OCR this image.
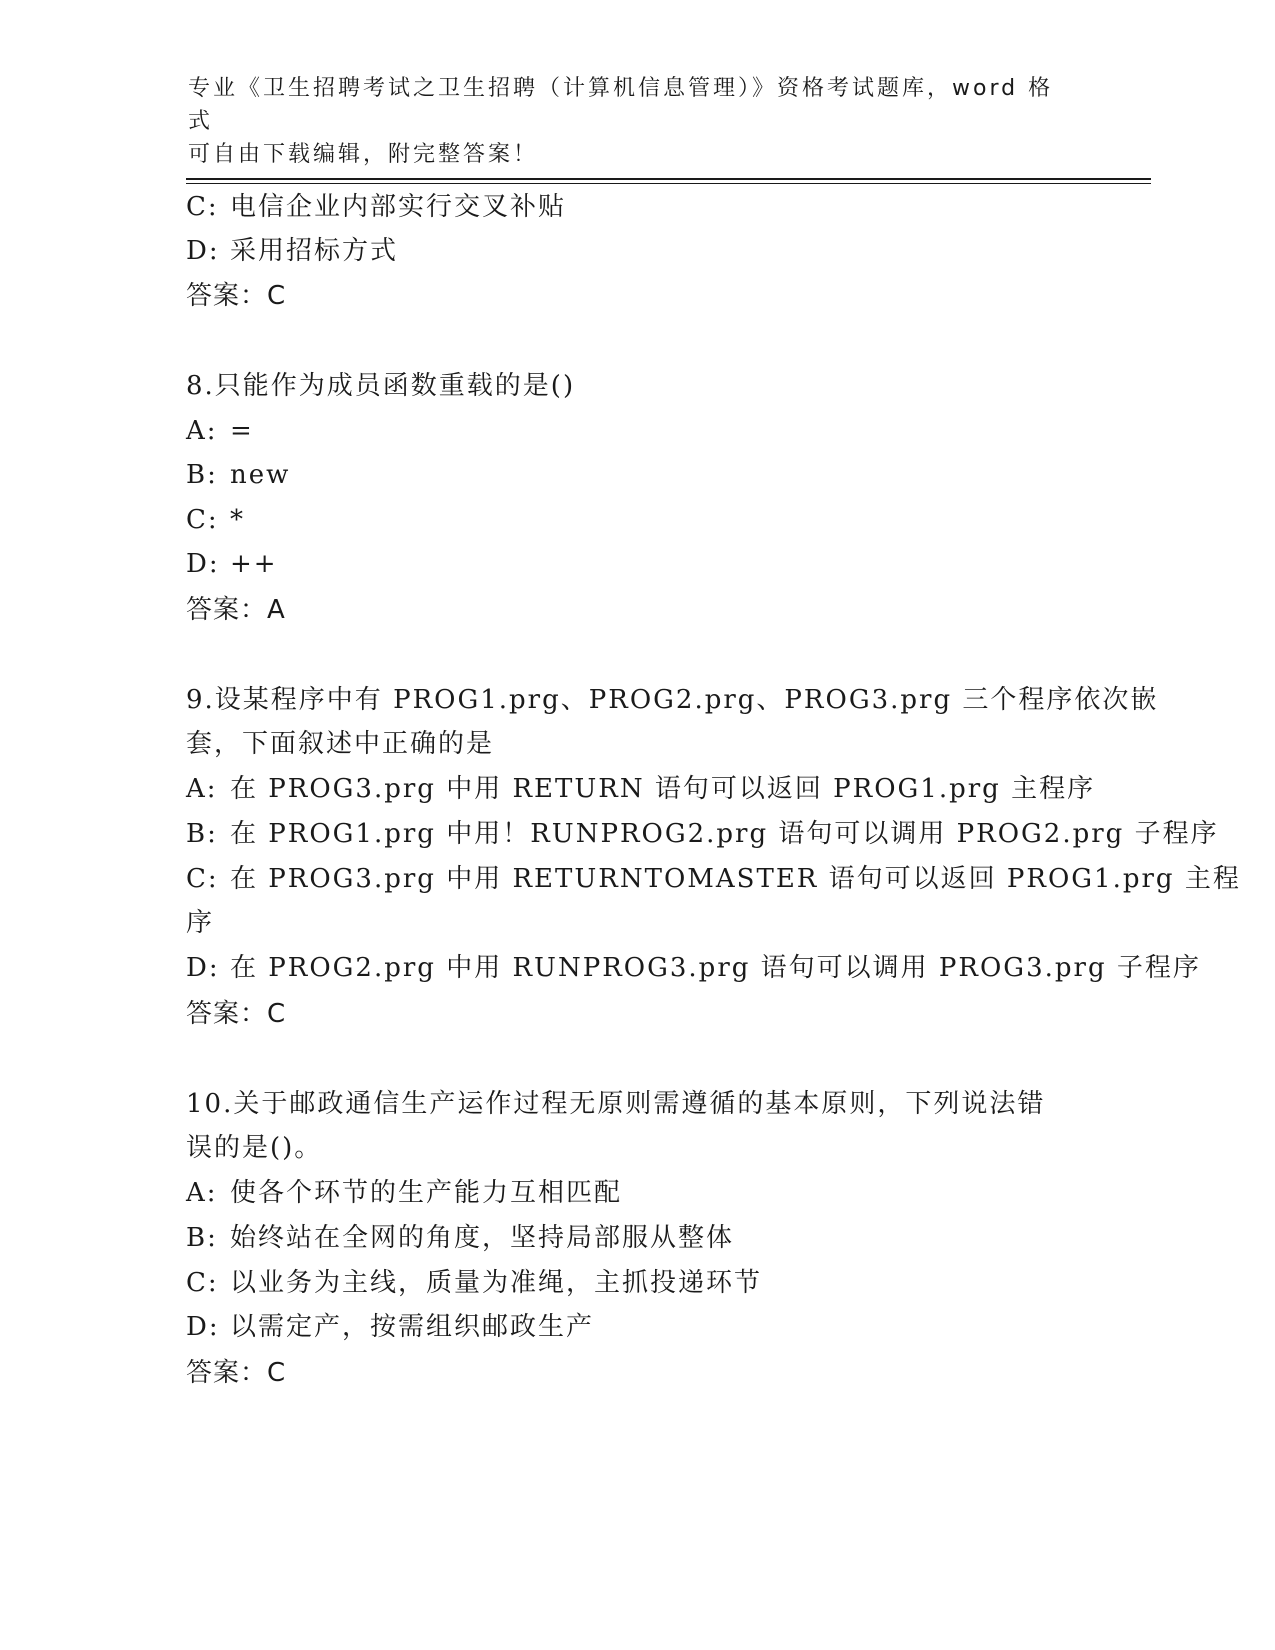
专业《卫生招聘考试之卫生招聘（计算机信息管理）》资格考试题库，word 格式
可自由下载编辑，附完整答案！
C: 电信企业内部实行交叉补贴
D: 采用招标方式
答案：C
8.只能作为成员函数重载的是()
A: =
B: new
C: *
D: ++
答案：A
9.设某程序中有 PROG1.prg、PROG2.prg、PROG3.prg 三个程序依次嵌
套，下面叙述中正确的是
A: 在 PROG3.prg 中用 RETURN 语句可以返回 PROG1.prg 主程序
B: 在 PROG1.prg 中用！RUNPROG2.prg 语句可以调用 PROG2.prg 子程序
C: 在 PROG3.prg 中用 RETURNTOMASTER 语句可以返回 PROG1.prg 主程
序
D: 在 PROG2.prg 中用 RUNPROG3.prg 语句可以调用 PROG3.prg 子程序
答案：C
10.关于邮政通信生产运作过程无原则需遵循的基本原则，下列说法错
误的是()。
A: 使各个环节的生产能力互相匹配
B: 始终站在全网的角度，坚持局部服从整体
C: 以业务为主线，质量为准绳，主抓投递环节
D: 以需定产，按需组织邮政生产
答案：C
